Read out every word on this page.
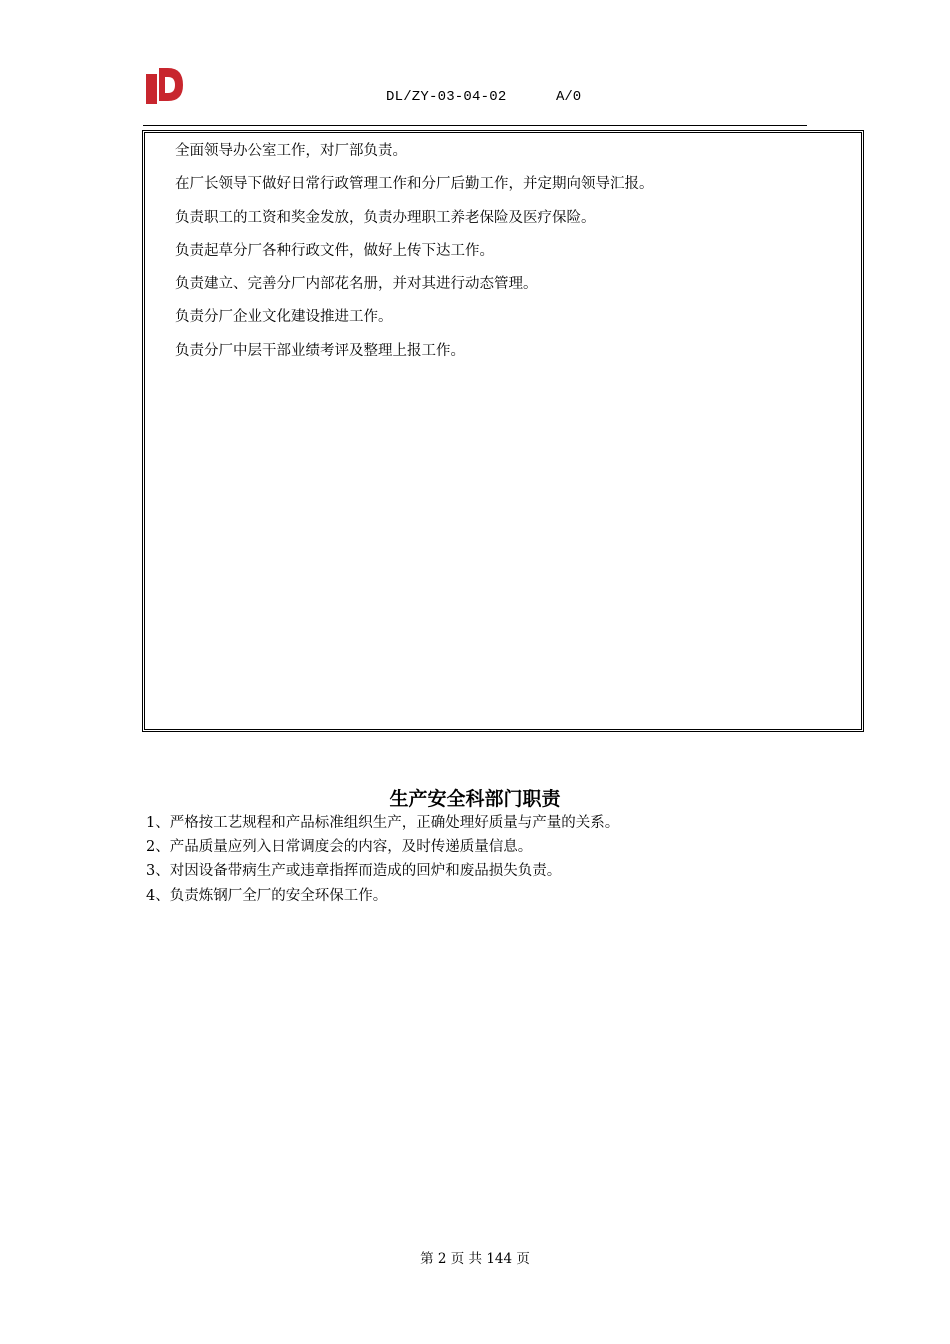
DL/ZY-03-04-02	A/0
全面领导办公室工作，对厂部负责。
在厂长领导下做好日常行政管理工作和分厂后勤工作，并定期向领导汇报。
负责职工的工资和奖金发放，负责办理职工养老保险及医疗保险。
负责起草分厂各种行政文件，做好上传下达工作。
负责建立、完善分厂内部花名册，并对其进行动态管理。
负责分厂企业文化建设推进工作。
负责分厂中层干部业绩考评及整理上报工作。
生产安全科部门职责
1、严格按工艺规程和产品标准组织生产，正确处理好质量与产量的关系。
2、产品质量应列入日常调度会的内容，及时传递质量信息。
3、对因设备带病生产或违章指挥而造成的回炉和废品损失负责。
4、负责炼钢厂全厂的安全环保工作。
第 2 页 共 144 页
